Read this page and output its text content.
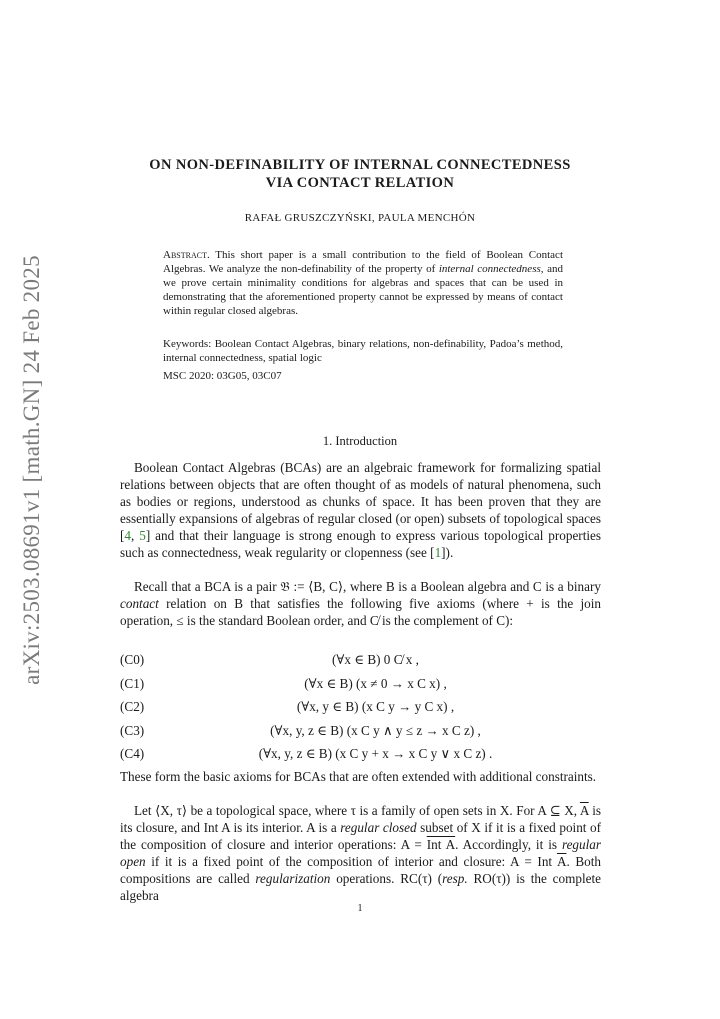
arXiv:2503.08691v1 [math.GN] 24 Feb 2025
ON NON-DEFINABILITY OF INTERNAL CONNECTEDNESS
VIA CONTACT RELATION
RAFAŁ GRUSZCZYŃSKI, PAULA MENCHÓN
Abstract. This short paper is a small contribution to the field of Boolean Contact Algebras. We analyze the non-definability of the property of internal connectedness, and we prove certain minimality conditions for algebras and spaces that can be used in demonstrating that the aforementioned property cannot be expressed by means of contact within regular closed algebras.
Keywords: Boolean Contact Algebras, binary relations, non-definability, Padoa’s method, internal connectedness, spatial logic
MSC 2020: 03G05, 03C07
1. Introduction
Boolean Contact Algebras (BCAs) are an algebraic framework for formalizing spatial relations between objects that are often thought of as models of natural phenomena, such as bodies or regions, understood as chunks of space. It has been proven that they are essentially expansions of algebras of regular closed (or open) subsets of topological spaces [4, 5] and that their language is strong enough to express various topological properties such as connectedness, weak regularity or clopenness (see [1]).
Recall that a BCA is a pair 𝔅 := ⟨B, C⟩, where B is a Boolean algebra and C is a binary contact relation on B that satisfies the following five axioms (where + is the join operation, ≤ is the standard Boolean order, and C̸ is the complement of C):
(C0)	(∀x ∈ B) 0 C̸ x ,
(C1)	(∀x ∈ B) (x ≠ 0 → x C x) ,
(C2)	(∀x, y ∈ B) (x C y → y C x) ,
(C3)	(∀x, y, z ∈ B) (x C y ∧ y ≤ z → x C z) ,
(C4)	(∀x, y, z ∈ B) (x C y + x → x C y ∨ x C z) .
These form the basic axioms for BCAs that are often extended with additional constraints.
Let ⟨X, τ⟩ be a topological space, where τ is a family of open sets in X. For A ⊆ X, $\overline{A}$ is its closure, and Int A is its interior. A is a regular closed subset of X if it is a fixed point of the composition of closure and interior operations: A = Int A. Accordingly, it is regular open if it is a fixed point of the composition of interior and closure: A = Int $\overline{A}$. Both compositions are called regularization operations. RC(τ) (resp. RO(τ)) is the complete algebra
1
